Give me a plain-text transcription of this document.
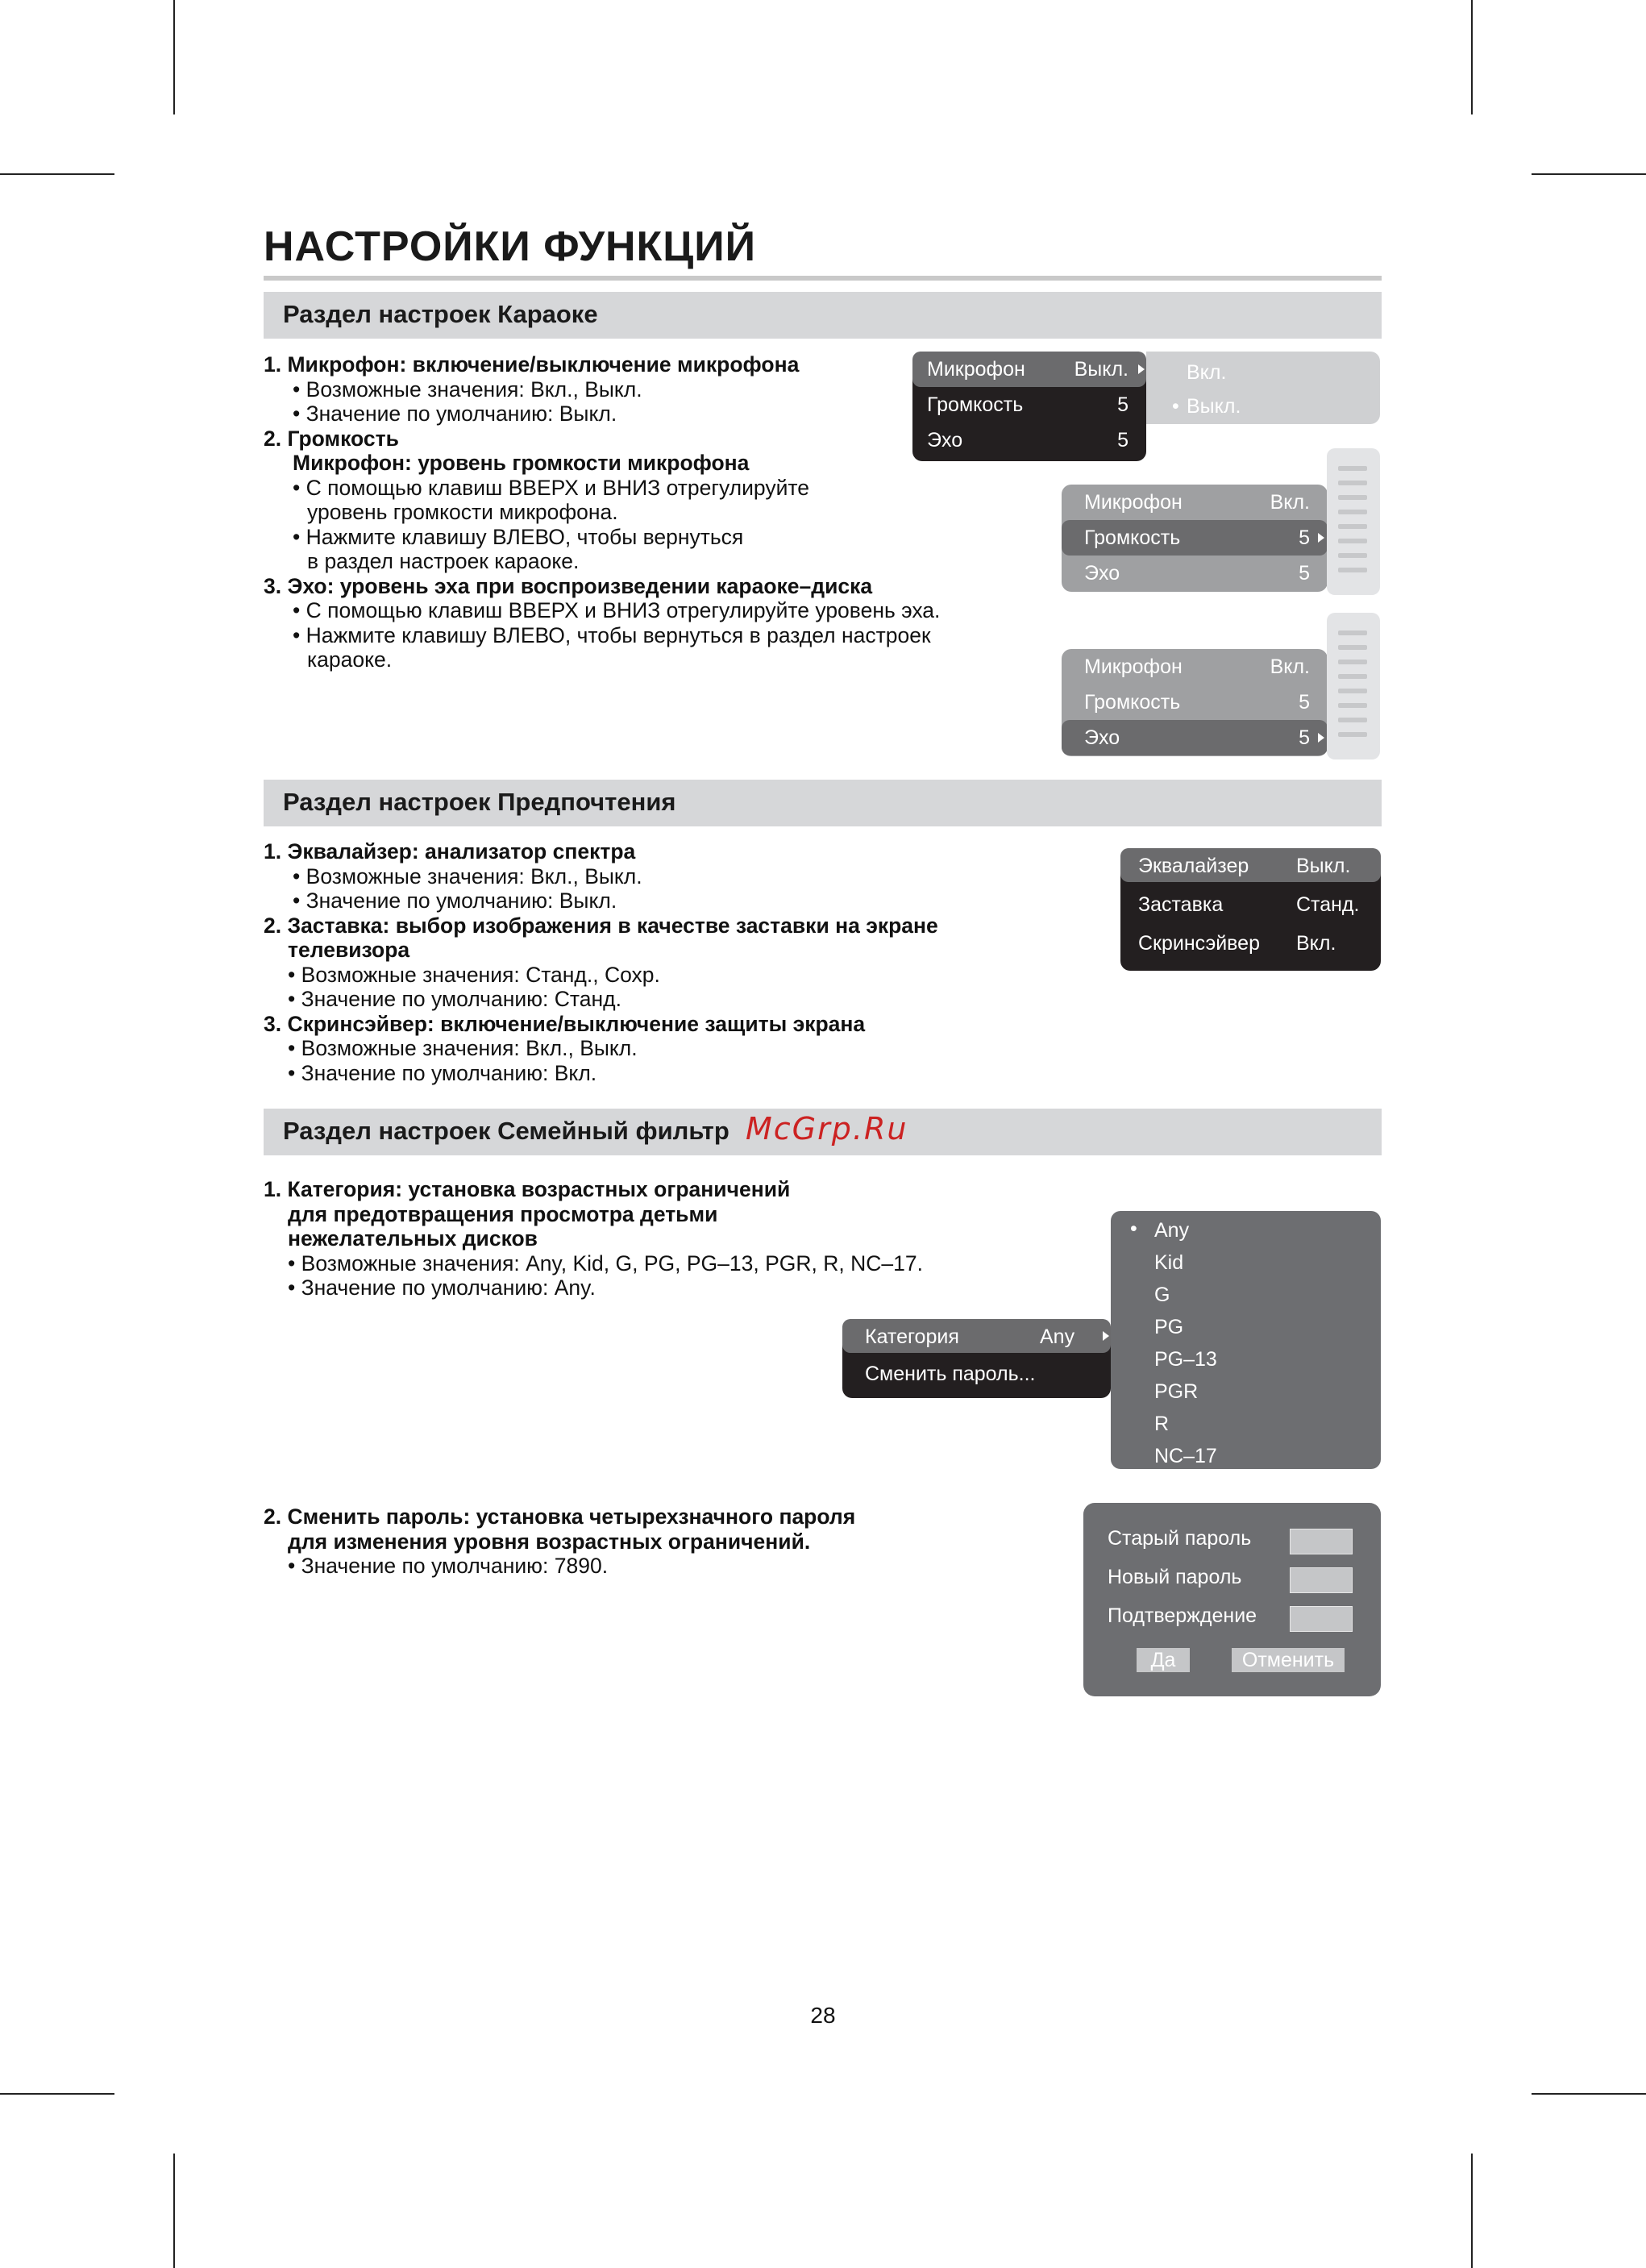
НАСТРОЙКИ ФУНКЦИЙ
Раздел настроек Караоке

1. Микрофон: включение/выключение микрофона

• Возможные значения: Вкл., Выкл.

• Значение по умолчанию: Выкл.

2. Громкость

Микрофон: уровень громкости микрофона

• С помощью клавиш ВВЕРХ и ВНИЗ отрегулируйте

уровень громкости микрофона.

• Нажмите клавишу ВЛЕВО, чтобы вернуться

в раздел настроек караоке.

3. Эхо: уровень эха при воспроизведении караоке–диска

• С помощью клавиш ВВЕРХ и ВНИЗ отрегулируйте уровень эха.

• Нажмите клавишу ВЛЕВО, чтобы вернуться в раздел настроек

караоке.

Микрофон Выкл.
Громкость	5
Эхо	5
Вкл.
• Выкл.
Микрофон	Вкл.
Громкость	5
Эхо	5
Микрофон	Вкл.
Громкость	5
Эхо	5
Раздел настроек Предпочтения

1. Эквалайзер: анализатор спектра

• Возможные значения: Вкл., Выкл.

• Значение по умолчанию: Выкл.

2. Заставка: выбор изображения в качестве заставки на экране

телевизора

• Возможные значения: Станд., Сохр.

• Значение по умолчанию: Станд.

3. Скринсэйвер: включение/выключение защиты экрана

• Возможные значения: Вкл., Выкл.

• Значение по умолчанию: Вкл.

Эквалайзер Выкл.
Заставка	Станд.
Скринсэйвер Вкл.
Раздел настроек Семейный фильтр McGrp.Ru

1. Категория: установка возрастных ограничений

для предотвращения просмотра детьми

нежелательных дисков

• Возможные значения: Any, Kid, G, PG, PG–13, PGR, R, NC–17.

• Значение по умолчанию: Any.

Категория	Any
Сменить пароль...
• Any
Kid
G
PG
PG–13
PGR
R
NC–17

2. Сменить пароль: установка четырехзначного пароля

для изменения уровня возрастных ограничений.

• Значение по умолчанию: 7890.

Старый пароль
Новый пароль
Подтверждение
Да	Отменить
28
